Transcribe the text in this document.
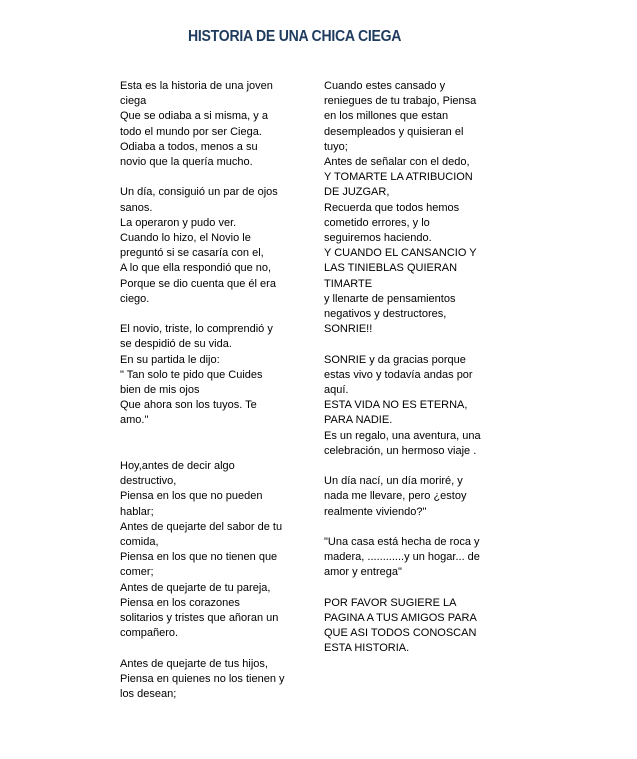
HISTORIA DE UNA CHICA CIEGA

Esta es la historia de una joven
ciega
Que se odiaba a si misma, y a
todo el mundo por ser Ciega.
Odiaba a todos, menos a su
novio que la quería mucho.

Un día, consiguió un par de ojos
sanos.
La operaron y pudo ver.
Cuando lo hizo, el Novio le
preguntó si se casaría con el,
A lo que ella respondió que no,
Porque se dio cuenta que él era
ciego.

El novio, triste, lo comprendió y
se despidió de su vida.
En su partida le dijo:
" Tan solo te pido que Cuides
bien de mis ojos
Que ahora son los tuyos. Te
amo."

Hoy,antes de decir algo
destructivo,
Piensa en los que no pueden
hablar;
Antes de quejarte del sabor de tu
comida,
Piensa en los que no tienen que
comer;
Antes de quejarte de tu pareja,
Piensa en los corazones
solitarios y tristes que añoran un
compañero.

Antes de quejarte de tus hijos,
Piensa en quienes no los tienen y
los desean;

Cuando estes cansado y
reniegues de tu trabajo, Piensa
en los millones que estan
desempleados y quisieran el
tuyo;
Antes de señalar con el dedo,
Y TOMARTE LA ATRIBUCION
DE JUZGAR,
Recuerda que todos hemos
cometido errores, y lo
seguiremos haciendo.
Y CUANDO EL CANSANCIO Y
LAS TINIEBLAS QUIERAN
TIMARTE
y llenarte de pensamientos
negativos y destructores,
SONRIE!!

SONRIE y da gracias porque
estas vivo y todavía andas por
aquí.
ESTA VIDA NO ES ETERNA,
PARA NADIE.
Es un regalo, una aventura, una
celebración, un hermoso viaje .

Un día nací, un día moriré, y
nada me llevare, pero ¿estoy
realmente viviendo?"

"Una casa está hecha de roca y
madera, ............y un hogar... de
amor y entrega"

POR FAVOR SUGIERE LA
PAGINA A TUS AMIGOS PARA
QUE ASI TODOS CONOSCAN
ESTA HISTORIA.
